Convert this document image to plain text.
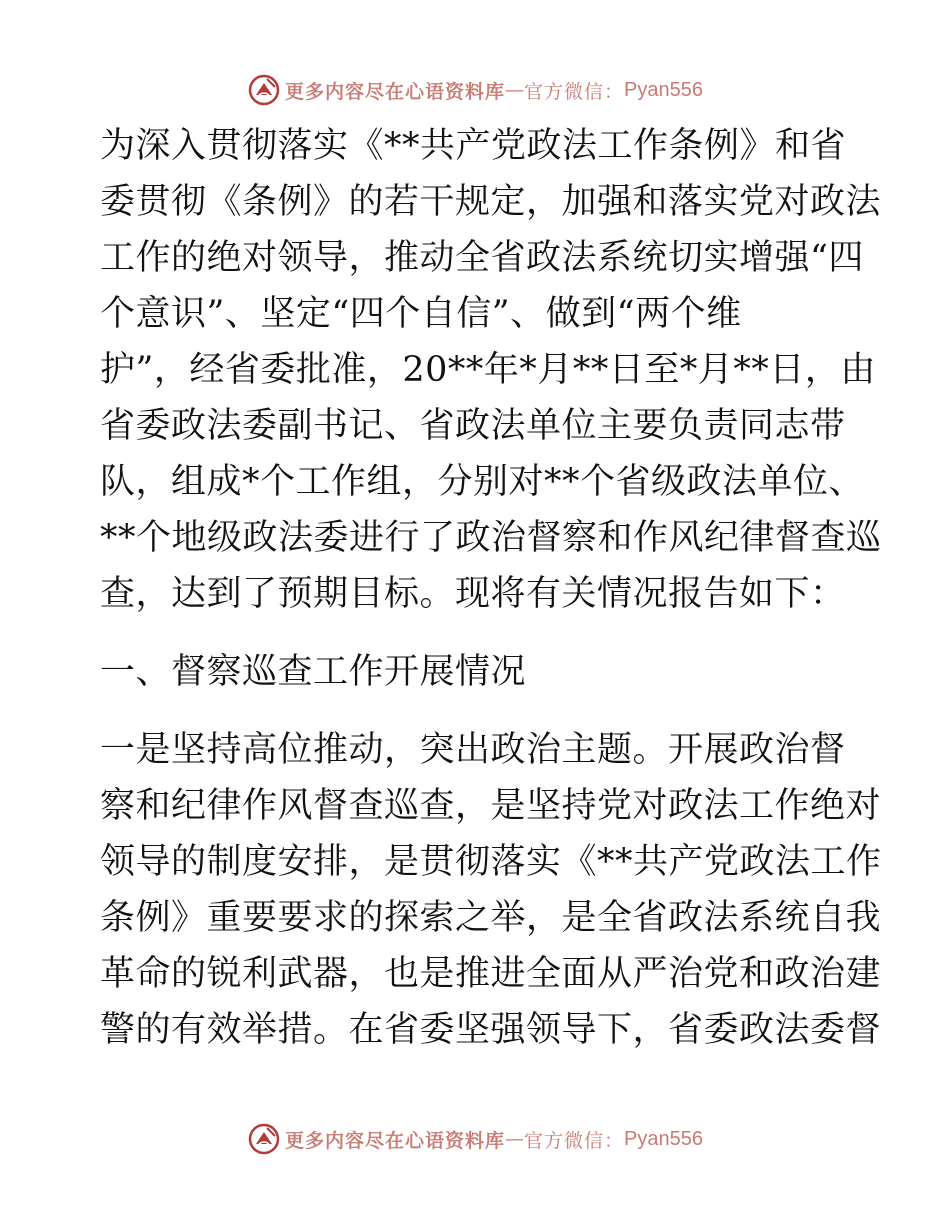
更多内容尽在心语资料库 — 官方微信： Pyan556
为深入贯彻落实《**共产党政法工作条例》和省
委贯彻《条例》的若干规定，加强和落实党对政法
工作的绝对领导，推动全省政法系统切实增强“四
个意识”、坚定“四个自信”、做到“两个维
护”，经省委批准，20**年*月**日至*月**日，由
省委政法委副书记、省政法单位主要负责同志带
队，组成*个工作组，分别对**个省级政法单位、
**个地级政法委进行了政治督察和作风纪律督查巡
查，达到了预期目标。现将有关情况报告如下：
一、督察巡查工作开展情况
一是坚持高位推动，突出政治主题。开展政治督
察和纪律作风督查巡查，是坚持党对政法工作绝对
领导的制度安排，是贯彻落实《**共产党政法工作
条例》重要要求的探索之举，是全省政法系统自我
革命的锐利武器，也是推进全面从严治党和政治建
警的有效举措。在省委坚强领导下，省委政法委督
更多内容尽在心语资料库 — 官方微信： Pyan556
